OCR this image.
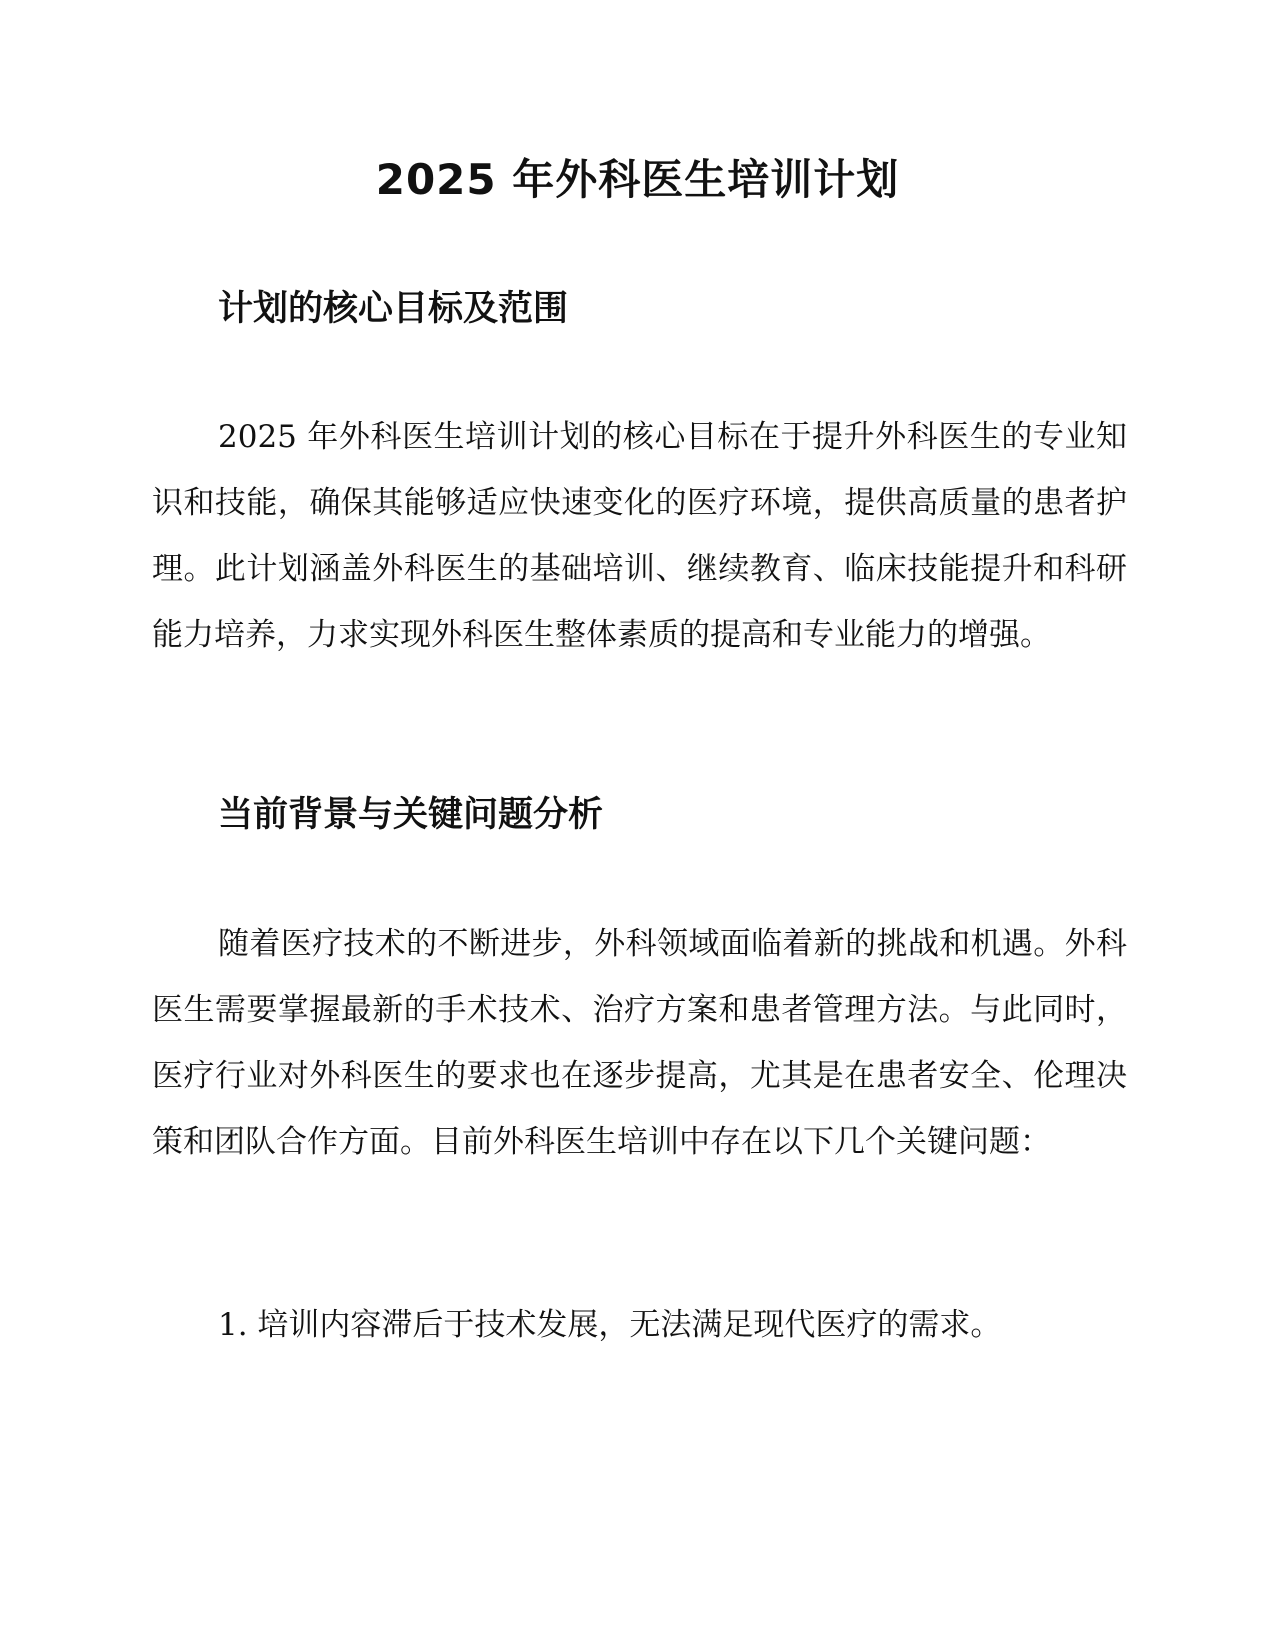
2025 年外科医生培训计划
计划的核心目标及范围

2025 年外科医生培训计划的核心目标在于提升外科医生的专业知识和技能，确保其能够适应快速变化的医疗环境，提供高质量的患者护理。此计划涵盖外科医生的基础培训、继续教育、临床技能提升和科研能力培养，力求实现外科医生整体素质的提高和专业能力的增强。

当前背景与关键问题分析

随着医疗技术的不断进步，外科领域面临着新的挑战和机遇。外科医生需要掌握最新的手术技术、治疗方案和患者管理方法。与此同时，医疗行业对外科医生的要求也在逐步提高，尤其是在患者安全、伦理决策和团队合作方面。目前外科医生培训中存在以下几个关键问题：

1. 培训内容滞后于技术发展，无法满足现代医疗的需求。
